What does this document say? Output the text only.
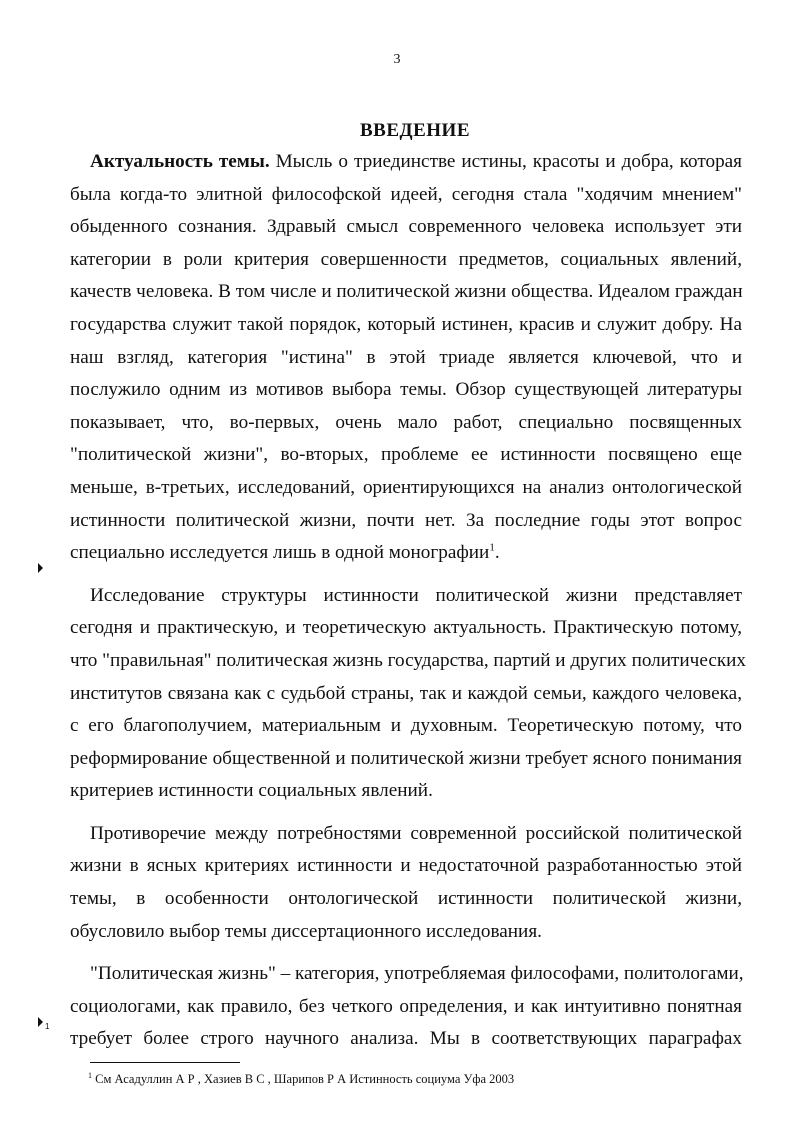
3
ВВЕДЕНИЕ
Актуальность темы. Мысль о триединстве истины, красоты и добра, которая
была когда-то элитной философской идеей, сегодня стала "ходячим мнением"
обыденного сознания. Здравый смысл современного человека использует эти
категории в роли критерия совершенности предметов, социальных явлений,
качеств человека. В том числе и политической жизни общества. Идеалом граждан
государства служит такой порядок, который истинен, красив и служит добру. На
наш взгляд, категория "истина" в этой триаде является ключевой, что и
послужило одним из мотивов выбора темы. Обзор существующей литературы
показывает, что, во-первых, очень мало работ, специально посвященных
"политической жизни", во-вторых, проблеме ее истинности посвящено еще
меньше, в-третьих, исследований, ориентирующихся на анализ онтологической
истинности политической жизни, почти нет. За последние годы этот вопрос
специально исследуется лишь в одной монографии$^1$.
Исследование структуры истинности политической жизни представляет
сегодня и практическую, и теоретическую актуальность. Практическую потому,
что "правильная" политическая жизнь государства, партий и других политических
институтов связана как с судьбой страны, так и каждой семьи, каждого человека,
с его благополучием, материальным и духовным. Теоретическую потому, что
реформирование общественной и политической жизни требует ясного понимания
критериев истинности социальных явлений.
Противоречие между потребностями современной российской политической
жизни в ясных критериях истинности и недостаточной разработанностью этой
темы, в особенности онтологической истинности политической жизни,
обусловило выбор темы диссертационного исследования.
"Политическая жизнь" – категория, употребляемая философами, политологами,
социологами, как правило, без четкого определения, и как интуитивно понятная
требует более строго научного анализа. Мы в соответствующих параграфах
$^1$ См Асадуллин А Р , Хазиев В С , Шарипов Р А Истинность социума Уфа 2003
1
